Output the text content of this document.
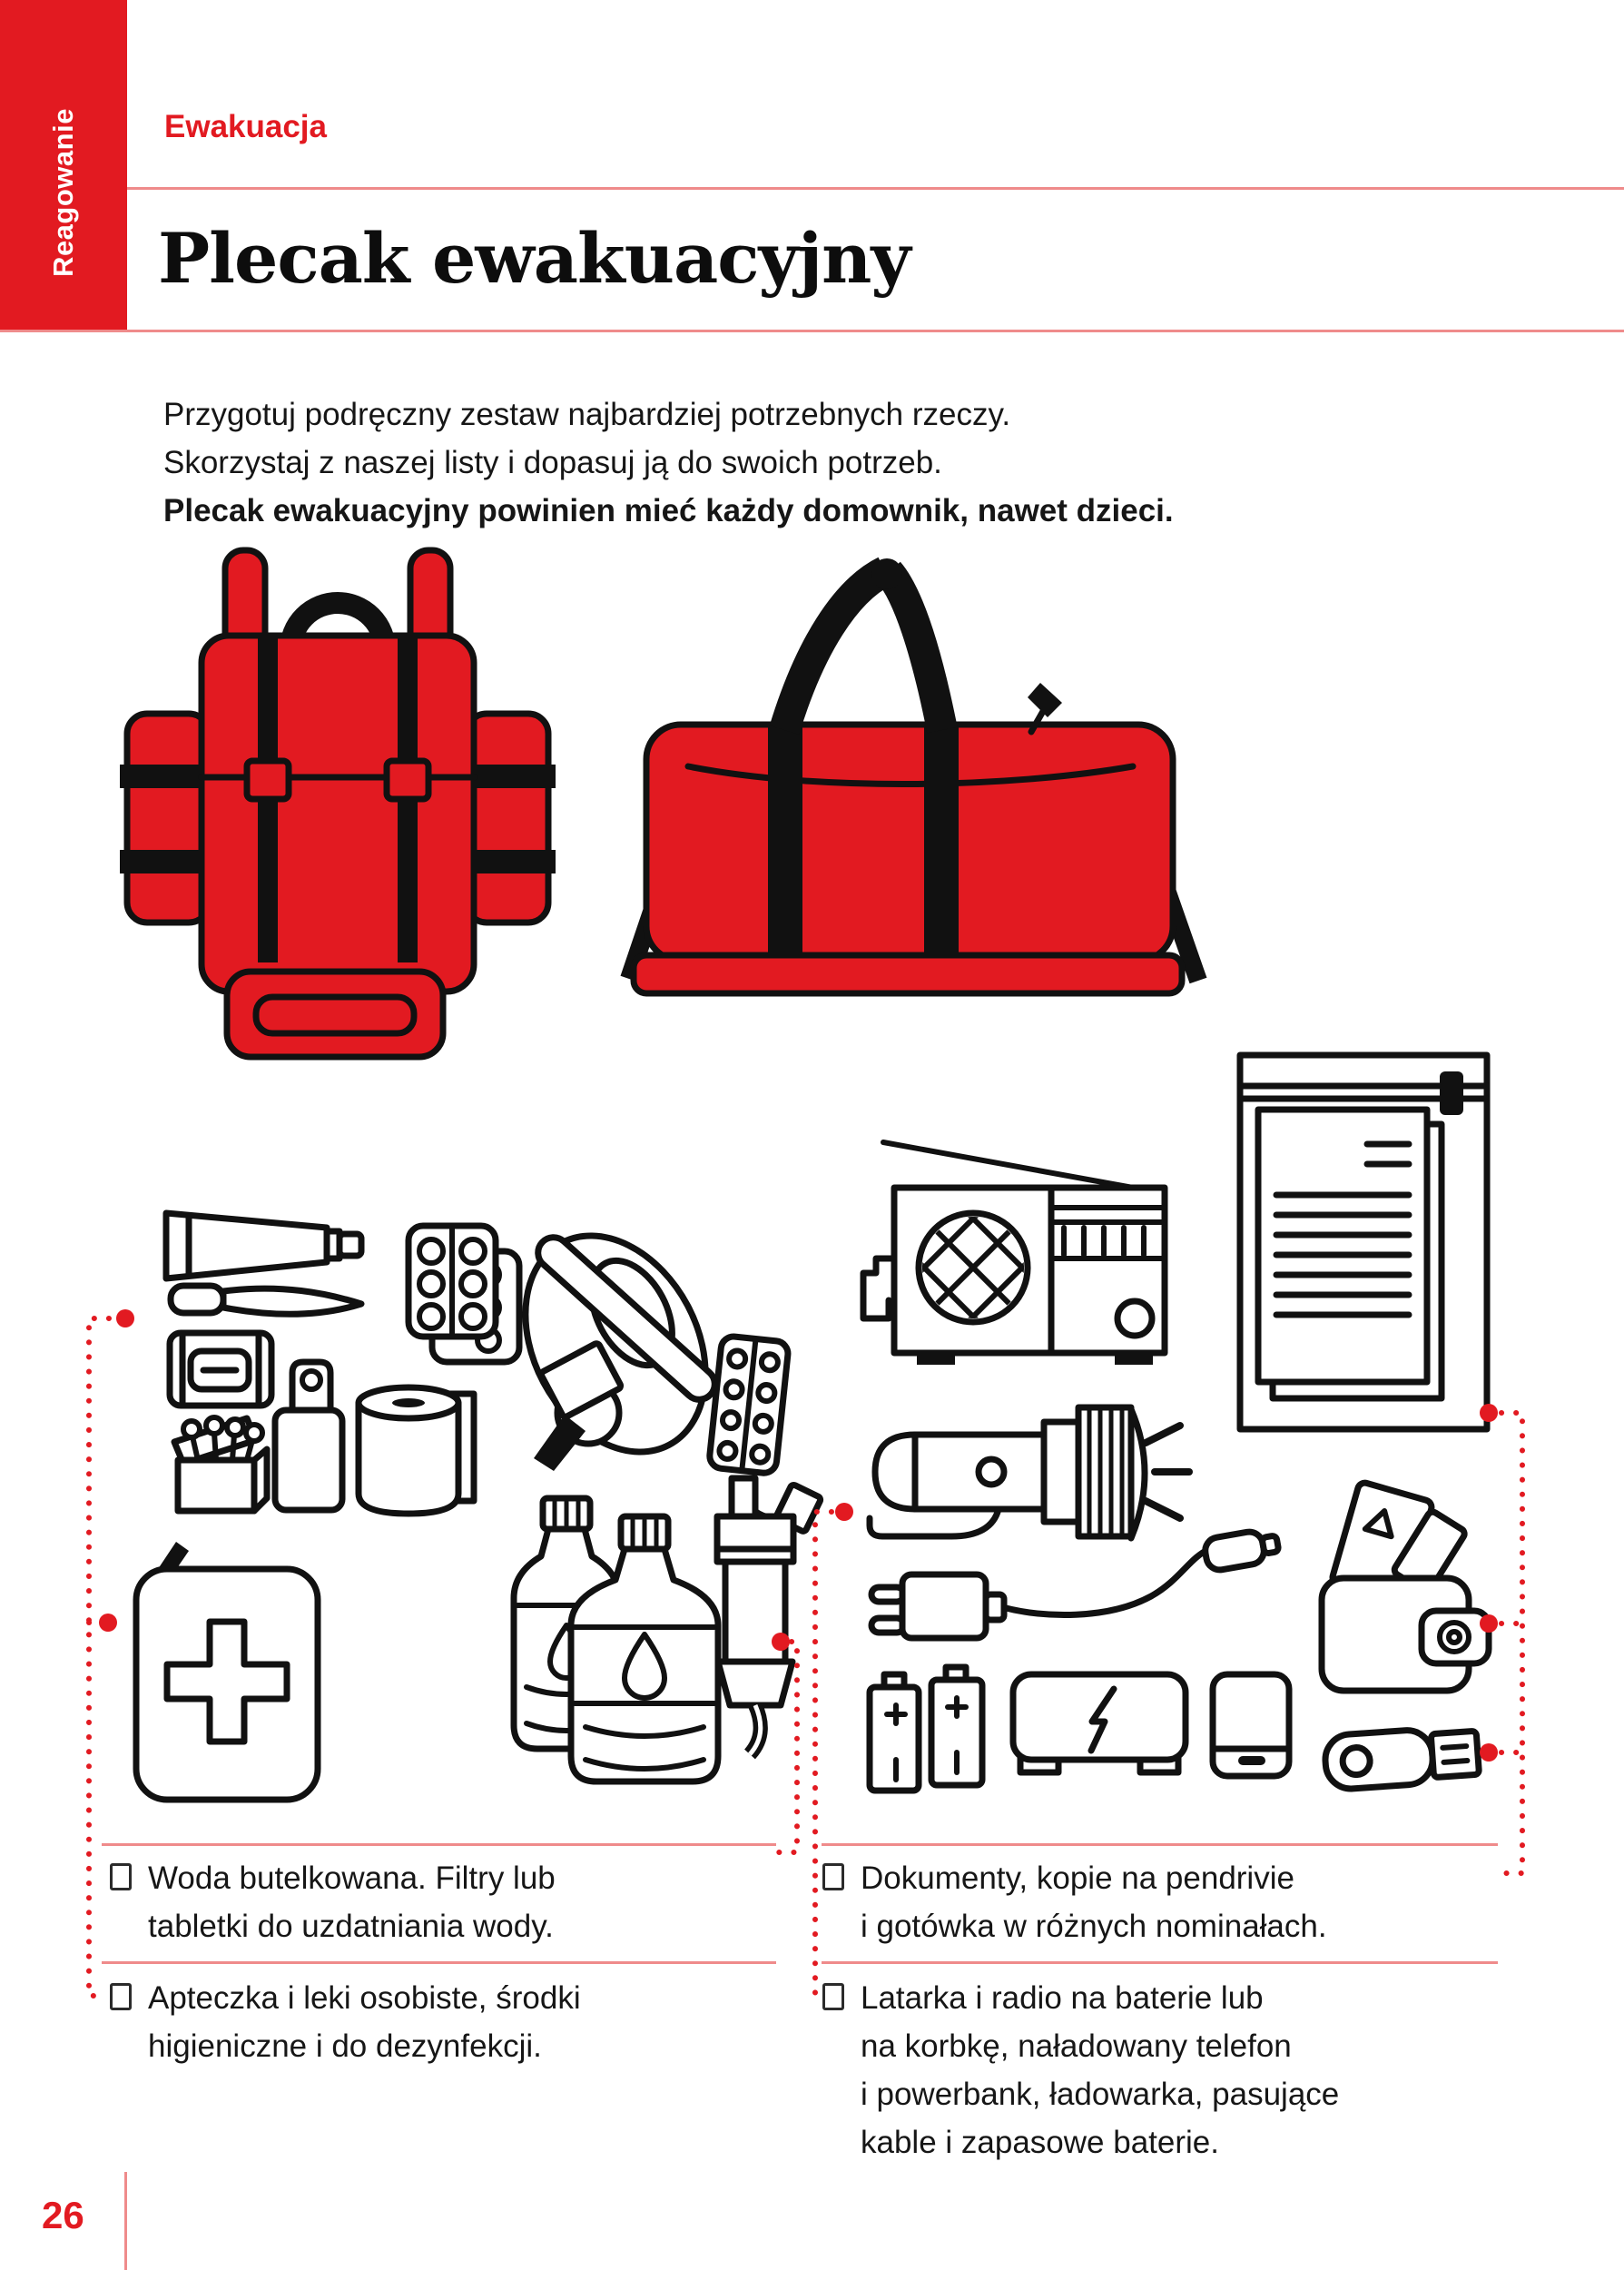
Reagowanie	Ewakuacja
Plecak ewakuacyjny
Przygotuj podręczny zestaw najbardziej potrzebnych rzeczy.
Skorzystaj z naszej listy i dopasuj ją do swoich potrzeb.
Plecak ewakuacyjny powinien mieć każdy domownik, nawet dzieci.
Woda butelkowana. Filtry lub
tabletki do uzdatniania wody.
Apteczka i leki osobiste, środki
higieniczne i do dezynfekcji.
Dokumenty, kopie na pendrivie
i gotówka w różnych nominałach.
Latarka i radio na baterie lub
na korbkę, naładowany telefon
i powerbank, ładowarka, pasujące
kable i zapasowe baterie.
26
